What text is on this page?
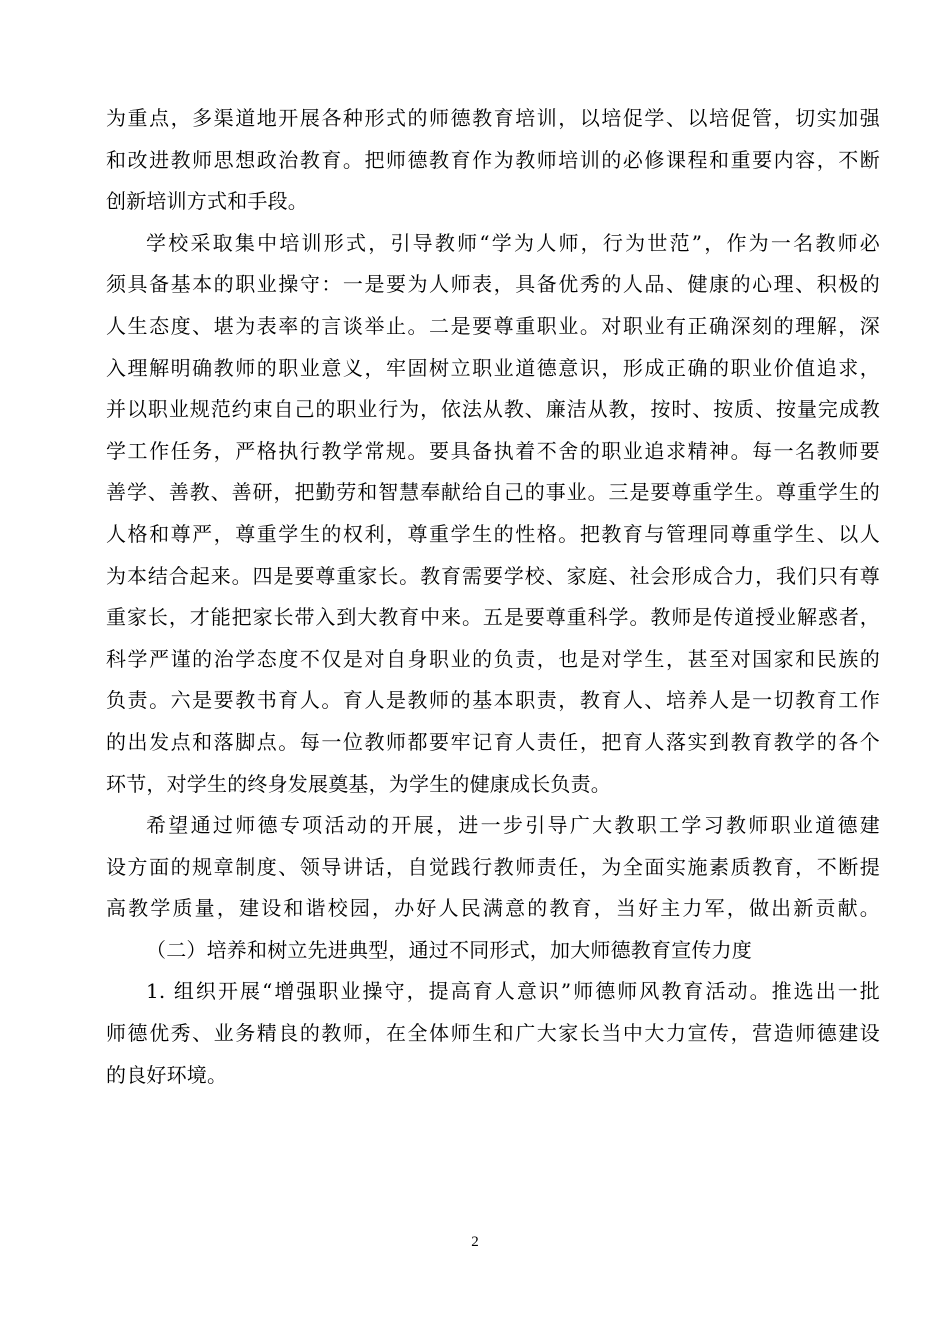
为重点，多渠道地开展各种形式的师德教育培训，以培促学、以培促管，切实加强
和改进教师思想政治教育。把师德教育作为教师培训的必修课程和重要内容，不断
创新培训方式和手段。
学校采取集中培训形式，引导教师“学为人师，行为世范”，作为一名教师必
须具备基本的职业操守：一是要为人师表，具备优秀的人品、健康的心理、积极的
人生态度、堪为表率的言谈举止。二是要尊重职业。对职业有正确深刻的理解，深
入理解明确教师的职业意义，牢固树立职业道德意识，形成正确的职业价值追求，
并以职业规范约束自己的职业行为，依法从教、廉洁从教，按时、按质、按量完成教
学工作任务，严格执行教学常规。要具备执着不舍的职业追求精神。每一名教师要
善学、善教、善研，把勤劳和智慧奉献给自己的事业。三是要尊重学生。尊重学生的
人格和尊严，尊重学生的权利，尊重学生的性格。把教育与管理同尊重学生、以人
为本结合起来。四是要尊重家长。教育需要学校、家庭、社会形成合力，我们只有尊
重家长，才能把家长带入到大教育中来。五是要尊重科学。教师是传道授业解惑者，
科学严谨的治学态度不仅是对自身职业的负责，也是对学生，甚至对国家和民族的
负责。六是要教书育人。育人是教师的基本职责，教育人、培养人是一切教育工作
的出发点和落脚点。每一位教师都要牢记育人责任，把育人落实到教育教学的各个
环节，对学生的终身发展奠基，为学生的健康成长负责。
希望通过师德专项活动的开展，进一步引导广大教职工学习教师职业道德建
设方面的规章制度、领导讲话，自觉践行教师责任，为全面实施素质教育，不断提
高教学质量，建设和谐校园，办好人民满意的教育，当好主力军，做出新贡献。
（二）培养和树立先进典型，通过不同形式，加大师德教育宣传力度
1. 组织开展“增强职业操守，提高育人意识”师德师风教育活动。推选出一批
师德优秀、业务精良的教师，在全体师生和广大家长当中大力宣传，营造师德建设
的良好环境。
2
